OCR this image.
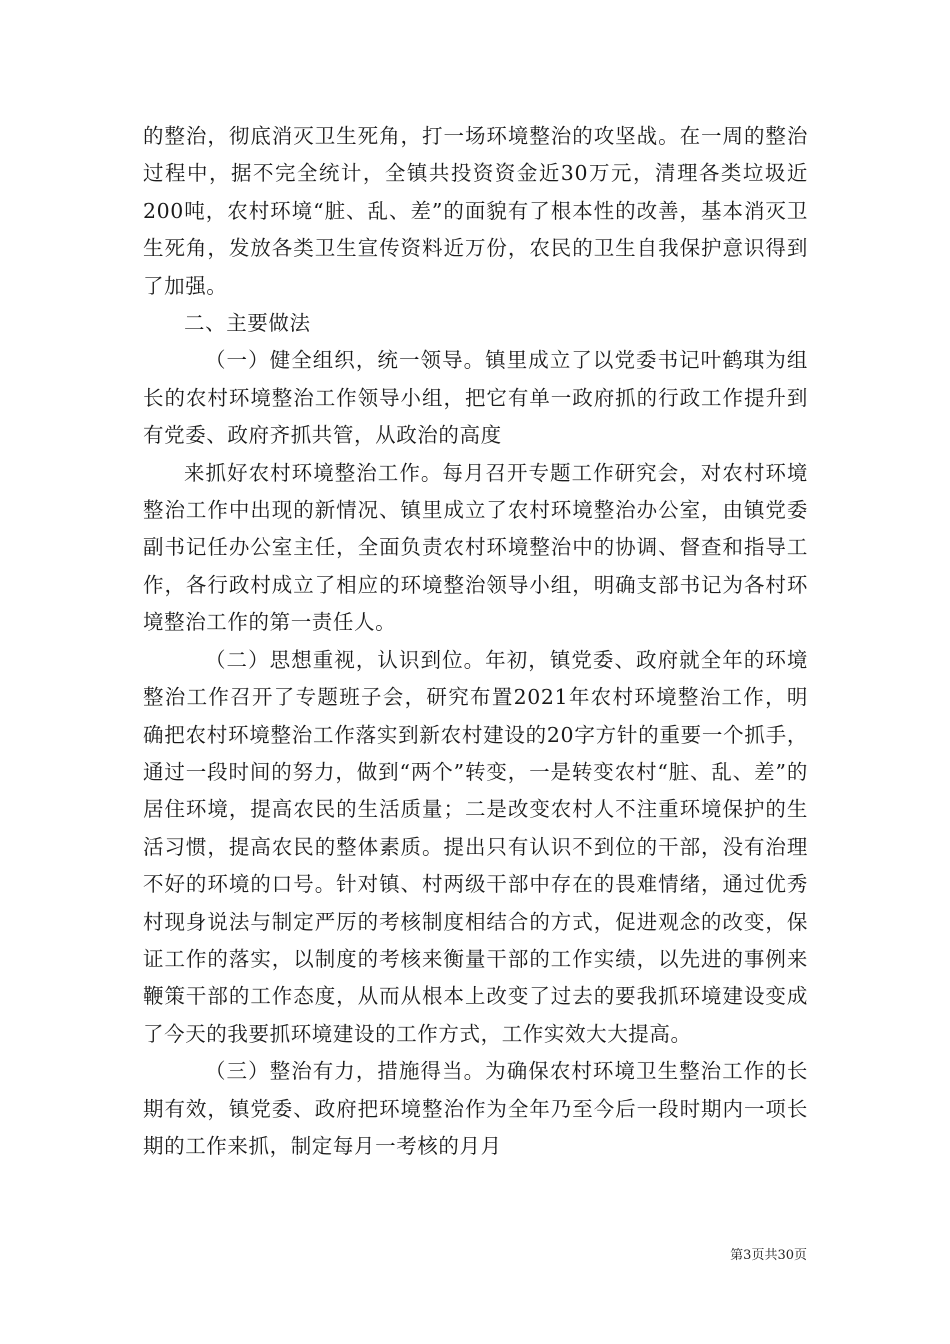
的整治，彻底消灭卫生死角，打一场环境整治的攻坚战。在一周的整治过程中，据不完全统计，全镇共投资资金近30万元，清理各类垃圾近200吨，农村环境“脏、乱、差”的面貌有了根本性的改善，基本消灭卫生死角，发放各类卫生宣传资料近万份，农民的卫生自我保护意识得到了加强。

二、主要做法

（一）健全组织，统一领导。镇里成立了以党委书记叶鹤琪为组长的农村环境整治工作领导小组，把它有单一政府抓的行政工作提升到有党委、政府齐抓共管，从政治的高度

来抓好农村环境整治工作。每月召开专题工作研究会，对农村环境整治工作中出现的新情况、镇里成立了农村环境整治办公室，由镇党委副书记任办公室主任，全面负责农村环境整治中的协调、督查和指导工作，各行政村成立了相应的环境整治领导小组，明确支部书记为各村环境整治工作的第一责任人。

（二）思想重视，认识到位。年初，镇党委、政府就全年的环境整治工作召开了专题班子会，研究布置2021年农村环境整治工作，明确把农村环境整治工作落实到新农村建设的20字方针的重要一个抓手，通过一段时间的努力，做到“两个”转变，一是转变农村“脏、乱、差”的居住环境，提高农民的生活质量；二是改变农村人不注重环境保护的生活习惯，提高农民的整体素质。提出只有认识不到位的干部，没有治理不好的环境的口号。针对镇、村两级干部中存在的畏难情绪，通过优秀村现身说法与制定严厉的考核制度相结合的方式，促进观念的改变，保证工作的落实，以制度的考核来衡量干部的工作实绩，以先进的事例来鞭策干部的工作态度，从而从根本上改变了过去的要我抓环境建设变成了今天的我要抓环境建设的工作方式，工作实效大大提高。

（三）整治有力，措施得当。为确保农村环境卫生整治工作的长期有效，镇党委、政府把环境整治作为全年乃至今后一段时期内一项长期的工作来抓，制定每月一考核的月月

第3页共30页
